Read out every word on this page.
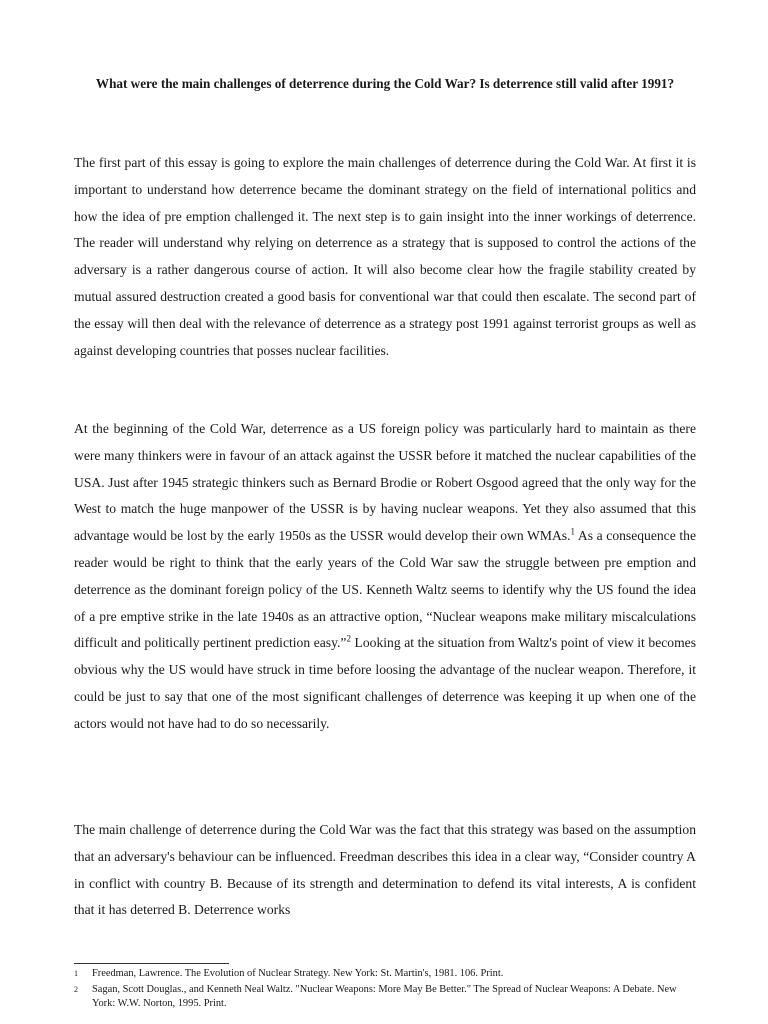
What were the main challenges of deterrence during the Cold War? Is deterrence still valid after 1991?

The first part of this essay is going to explore the main challenges of deterrence during the Cold War. At first it is important to understand how deterrence became the dominant strategy on the field of international politics and how the idea of pre emption challenged it. The next step is to gain insight into the inner workings of deterrence. The reader will understand why relying on deterrence as a strategy that is supposed to control the actions of the adversary is a rather dangerous course of action. It will also become clear how the fragile stability created by mutual assured destruction created a good basis for conventional war that could then escalate. The second part of the essay will then deal with the relevance of deterrence as a strategy post 1991 against terrorist groups as well as against developing countries that posses nuclear facilities.

At the beginning of the Cold War, deterrence as a US foreign policy was particularly hard to maintain as there were many thinkers were in favour of an attack against the USSR before it matched the nuclear capabilities of the USA. Just after 1945 strategic thinkers such as Bernard Brodie or Robert Osgood agreed that the only way for the West to match the huge manpower of the USSR is by having nuclear weapons. Yet they also assumed that this advantage would be lost by the early 1950s as the USSR would develop their own WMAs.$^1$ As a consequence the reader would be right to think that the early years of the Cold War saw the struggle between pre emption and deterrence as the dominant foreign policy of the US. Kenneth Waltz seems to identify why the US found the idea of a pre emptive strike in the late 1940s as an attractive option, “Nuclear weapons make military miscalculations difficult and politically pertinent prediction easy.”$^2$ Looking at the situation from Waltz's point of view it becomes obvious why the US would have struck in time before loosing the advantage of the nuclear weapon. Therefore, it could be just to say that one of the most significant challenges of deterrence was keeping it up when one of the actors would not have had to do so necessarily.

The main challenge of deterrence during the Cold War was the fact that this strategy was based on the assumption that an adversary's behaviour can be influenced. Freedman describes this idea in a clear way, “Consider country A in conflict with country B. Because of its strength and determination to defend its vital interests, A is confident that it has deterred B. Deterrence works

1 Freedman, Lawrence. The Evolution of Nuclear Strategy. New York: St. Martin's, 1981. 106. Print.
2 Sagan, Scott Douglas., and Kenneth Neal Waltz. "Nuclear Weapons: More May Be Better." The Spread of Nuclear Weapons: A Debate. New York: W.W. Norton, 1995. Print.
